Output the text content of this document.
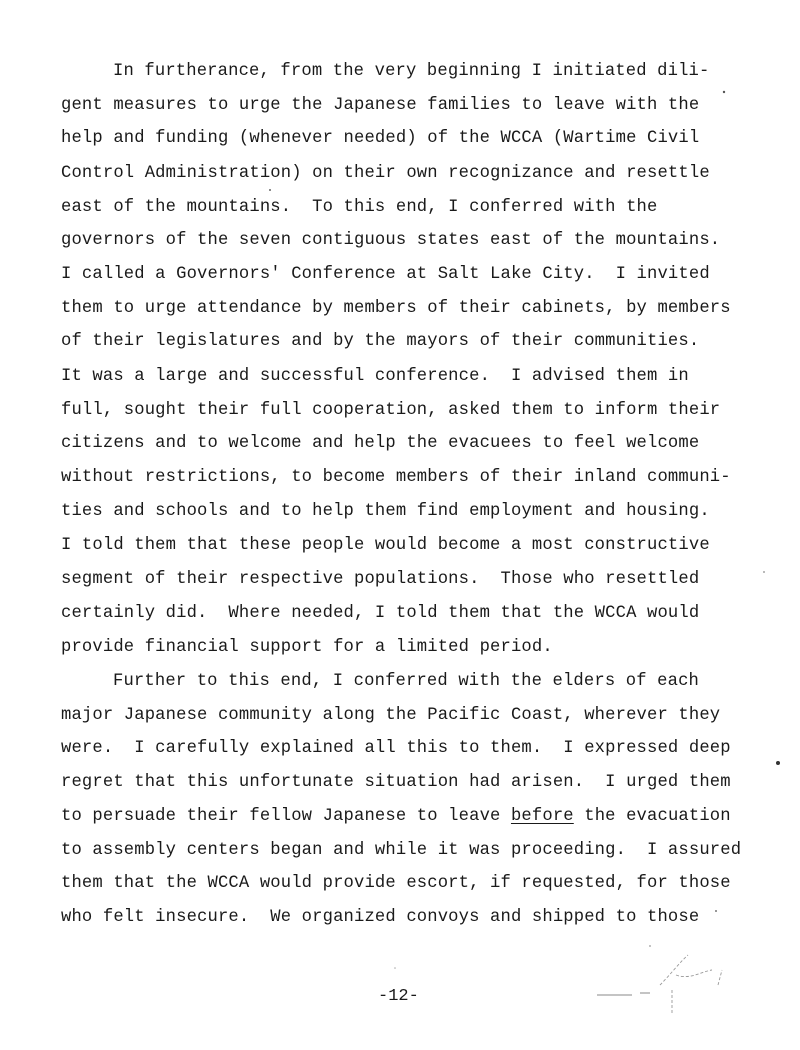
In furtherance, from the very beginning I initiated dili-
gent measures to urge the Japanese families to leave with the
help and funding (whenever needed) of the WCCA (Wartime Civil
Control Administration) on their own recognizance and resettle
east of the mountains.  To this end, I conferred with the
governors of the seven contiguous states east of the mountains.
I called a Governors' Conference at Salt Lake City.  I invited
them to urge attendance by members of their cabinets, by members
of their legislatures and by the mayors of their communities.
It was a large and successful conference.  I advised them in
full, sought their full cooperation, asked them to inform their
citizens and to welcome and help the evacuees to feel welcome
without restrictions, to become members of their inland communi-
ties and schools and to help them find employment and housing.
I told them that these people would become a most constructive
segment of their respective populations.  Those who resettled
certainly did.  Where needed, I told them that the WCCA would
provide financial support for a limited period.
Further to this end, I conferred with the elders of each
major Japanese community along the Pacific Coast, wherever they
were.  I carefully explained all this to them.  I expressed deep
regret that this unfortunate situation had arisen.  I urged them
to persuade their fellow Japanese to leave before the evacuation
to assembly centers began and while it was proceeding.  I assured
them that the WCCA would provide escort, if requested, for those
who felt insecure.  We organized convoys and shipped to those
-12-
